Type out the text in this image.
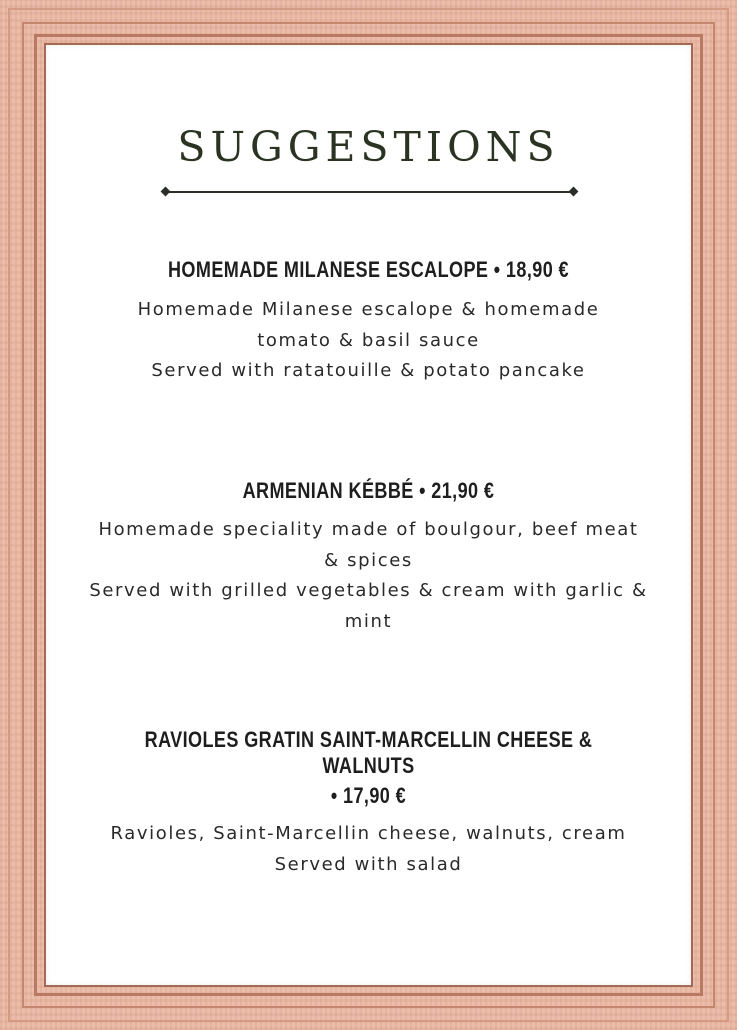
SUGGESTIONS
HOMEMADE MILANESE ESCALOPE • 18,90 €
Homemade Milanese escalope & homemade
tomato & basil sauce
Served with ratatouille & potato pancake
ARMENIAN KÉBBÉ • 21,90 €
Homemade speciality made of boulgour, beef meat
& spices
Served with grilled vegetables & cream with garlic &
mint
RAVIOLES GRATIN SAINT-MARCELLIN CHEESE & WALNUTS
• 17,90 €
Ravioles, Saint-Marcellin cheese, walnuts, cream
Served with salad
